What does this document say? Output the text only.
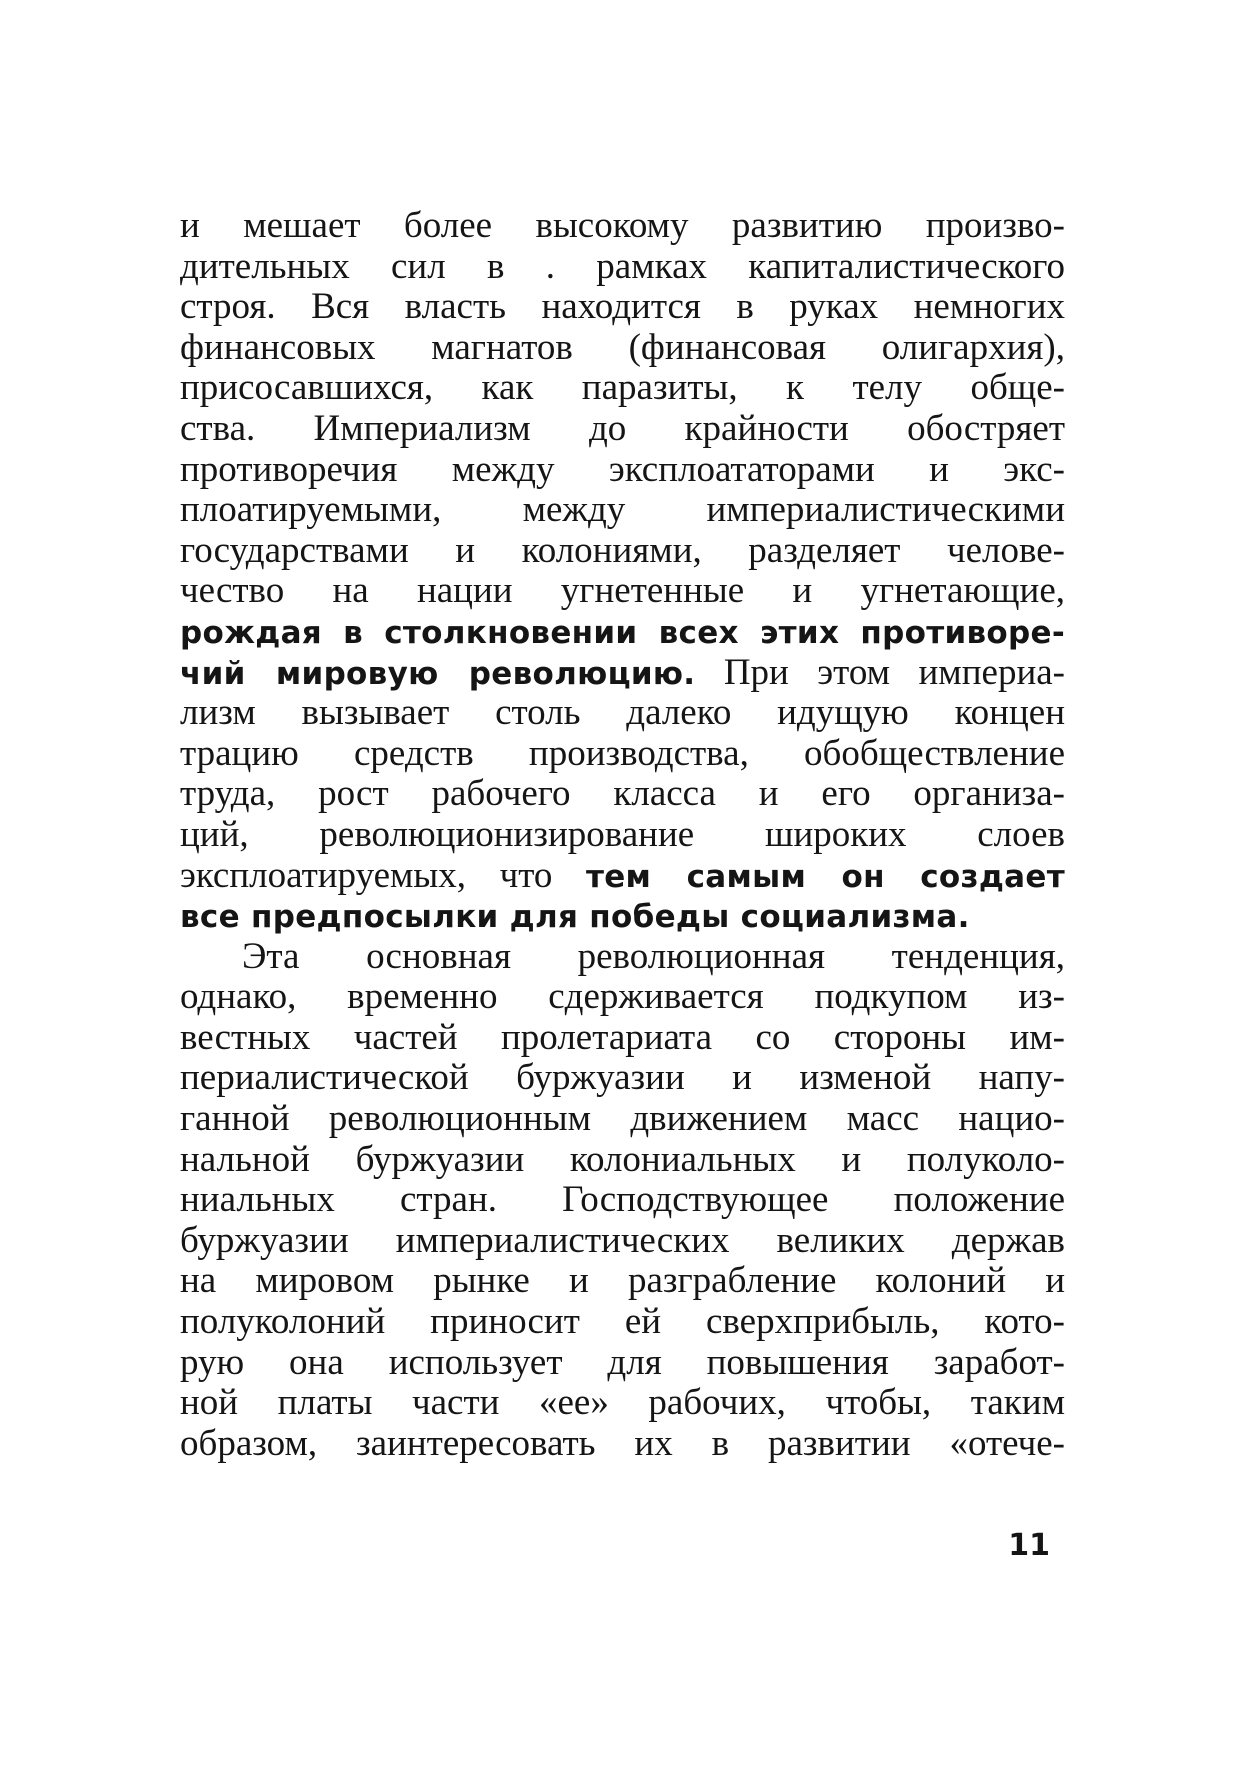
и мешает более высокому развитию произво-
дительных сил в . рамках капиталистического
строя. Вся власть находится в руках немногих
финансовых магнатов (финансовая олигархия),
присосавшихся, как паразиты, к телу обще-
ства. Империализм до крайности обостряет
противоречия между эксплоататорами и экс-
плоатируемыми, между империалистическими
государствами и колониями, разделяет челове-
чество на нации угнетенные и угнетающие,
рождая в столкновении всех этих противоре-
чий мировую революцию. При этом империа-
лизм вызывает столь далеко идущую концен
трацию средств производства, обобществление
труда, рост рабочего класса и его организа-
ций, революционизирование широких слоев
эксплоатируемых, что тем самым он создает
все предпосылки для победы социализма.
Эта основная революционная тенденция,
однако, временно сдерживается подкупом из-
вестных частей пролетариата со стороны им-
периалистической буржуазии и изменой напу-
ганной революционным движением масс нацио-
нальной буржуазии колониальных и полуколо-
ниальных стран. Господствующее положение
буржуазии империалистических великих держав
на мировом рынке и разграбление колоний и
полуколоний приносит ей сверхприбыль, кото-
рую она использует для повышения заработ-
ной платы части «ее» рабочих, чтобы, таким
образом, заинтересовать их в развитии «отече-
11
